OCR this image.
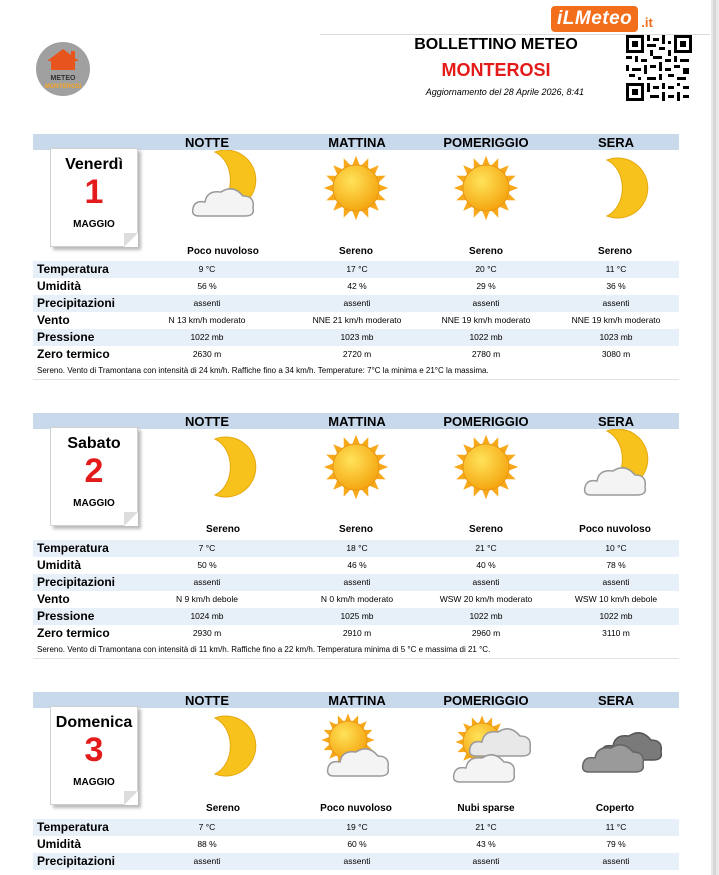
iLMeteo .it
METEO
MONTEROSI
BOLLETTINO METEO
MONTEROSI
Aggiornamento del 28 Aprile 2026, 8:41
NOTTE	MATTINA	POMERIGGIO	SERA
Venerdì
1
MAGGIO
Poco nuvoloso	Sereno	Sereno	Sereno
Temperatura	9 °C	17 °C	20 °C	11 °C
Umidità	56 %	42 %	29 %	36 %
Precipitazioni	assenti	assenti	assenti	assenti
Vento	N 13 km/h moderato	NNE 21 km/h moderato	NNE 19 km/h moderato	NNE 19 km/h moderato
Pressione	1022 mb	1023 mb	1022 mb	1023 mb
Zero termico	2630 m	2720 m	2780 m	3080 m
Sereno. Vento di Tramontana con intensità di 24 km/h. Raffiche fino a 34 km/h. Temperature: 7°C la minima e 21°C la massima.
NOTTE	MATTINA	POMERIGGIO	SERA
Sabato
2
MAGGIO
Sereno	Sereno	Sereno	Poco nuvoloso
Temperatura	7 °C	18 °C	21 °C	10 °C
Umidità	50 %	46 %	40 %	78 %
Precipitazioni	assenti	assenti	assenti	assenti
Vento	N 9 km/h debole	N 0 km/h moderato	WSW 20 km/h moderato	WSW 10 km/h debole
Pressione	1024 mb	1025 mb	1022 mb	1022 mb
Zero termico	2930 m	2910 m	2960 m	3110 m
Sereno. Vento di Tramontana con intensità di 11 km/h. Raffiche fino a 22 km/h. Temperatura minima di 5 °C e massima di 21 °C.
NOTTE	MATTINA	POMERIGGIO	SERA
Domenica
3
MAGGIO
Sereno	Poco nuvoloso	Nubi sparse	Coperto
Temperatura	7 °C	19 °C	21 °C	11 °C
Umidità	88 %	60 %	43 %	79 %
Precipitazioni	assenti	assenti	assenti	assenti
